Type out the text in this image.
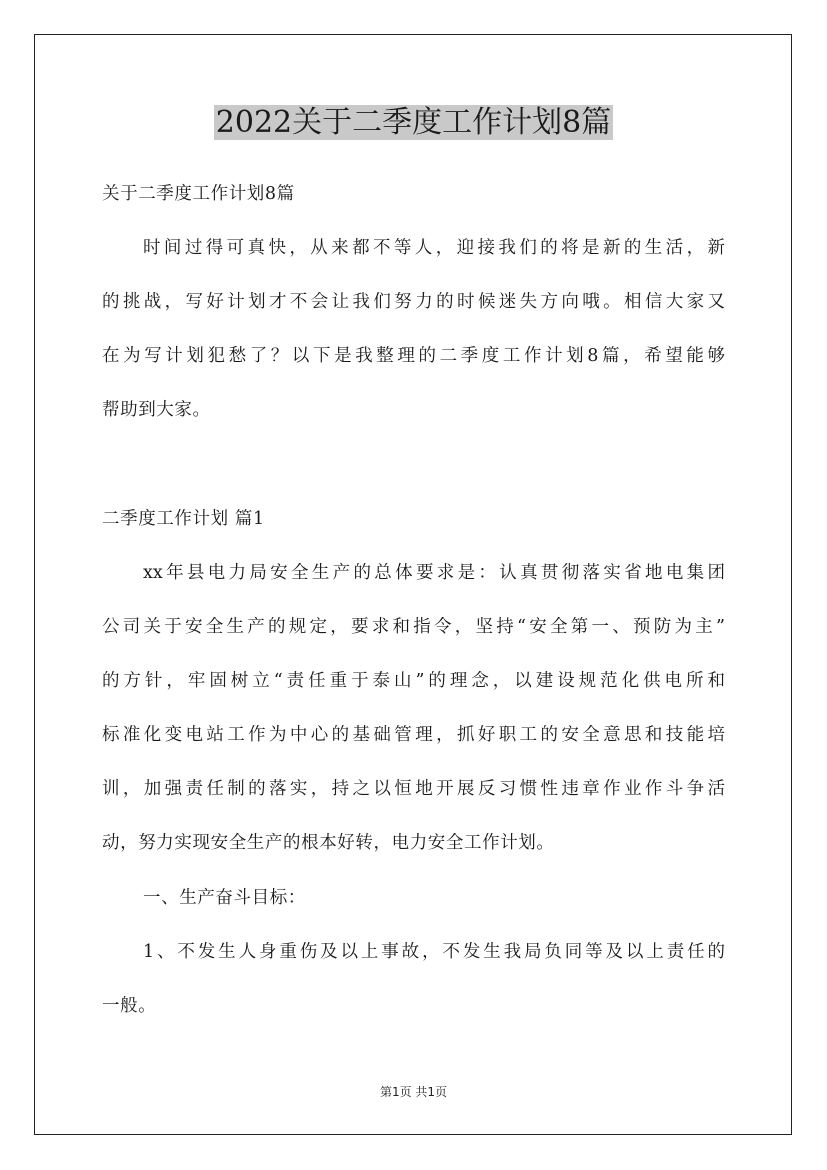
2022关于二季度工作计划8篇
关于二季度工作计划8篇
时间过得可真快，从来都不等人，迎接我们的将是新的生活，新
的挑战，写好计划才不会让我们努力的时候迷失方向哦。相信大家又
在为写计划犯愁了？以下是我整理的二季度工作计划8篇，希望能够
帮助到大家。
二季度工作计划 篇1
xx年县电力局安全生产的总体要求是：认真贯彻落实省地电集团
公司关于安全生产的规定，要求和指令，坚持“安全第一、预防为主”
的方针，牢固树立“责任重于泰山”的理念，以建设规范化供电所和
标准化变电站工作为中心的基础管理，抓好职工的安全意思和技能培
训，加强责任制的落实，持之以恒地开展反习惯性违章作业作斗争活
动，努力实现安全生产的根本好转，电力安全工作计划。
一、生产奋斗目标：
1、不发生人身重伤及以上事故，不发生我局负同等及以上责任的
一般。
第1页 共1页
